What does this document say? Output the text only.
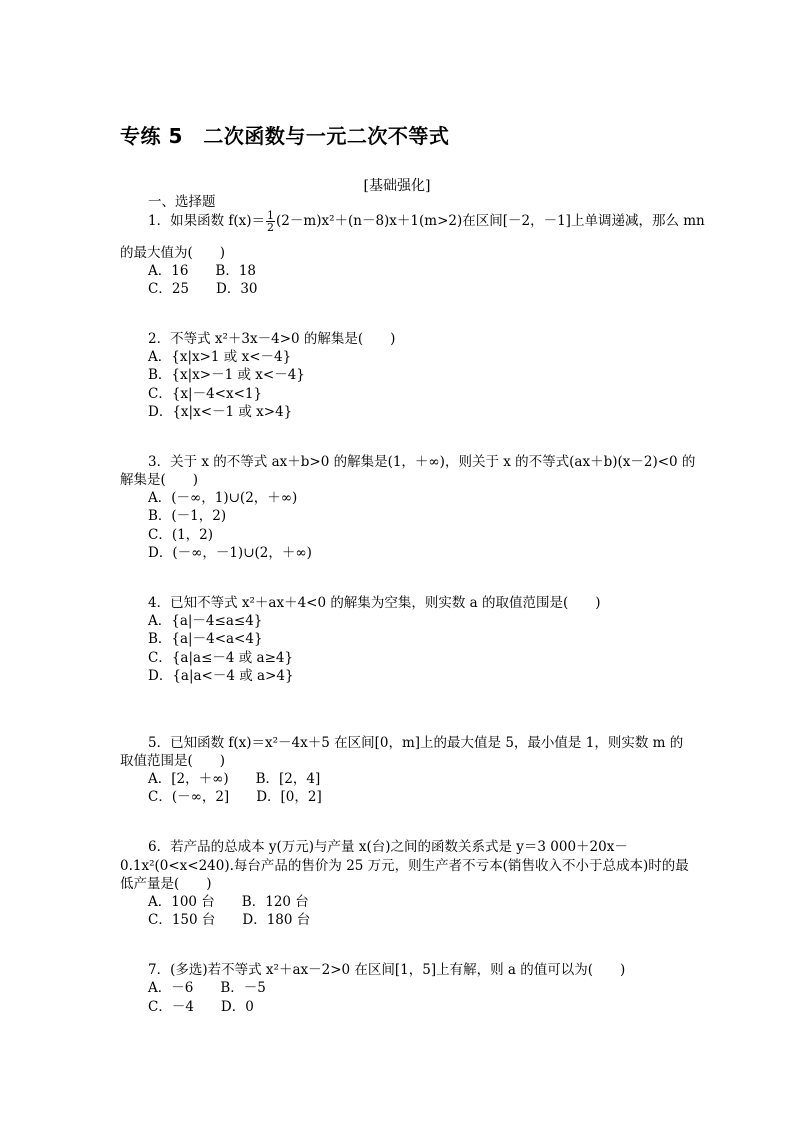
专练 5　二次函数与一元二次不等式
[基础强化]
一、选择题
1．如果函数 $f(x)= \frac{1}{2} (2-m)x^2+(n-8)x+1(m>2)$在区间[－2，－1]上单调递减，那么 mn
的最大值为(　　)
A．16　　B．18
C．25　　D．30
2．不等式 x²＋3x－4>0 的解集是(　　)
A．{x|x>1 或 x<－4}
B．{x|x>－1 或 x<－4}
C．{x|－4<x<1}
D．{x|x<－1 或 x>4}
3．关于 x 的不等式 ax＋b>0 的解集是(1，＋∞)，则关于 x 的不等式(ax＋b)(x－2)<0 的
解集是(　　)
A．(－∞，1)∪(2，＋∞)
B．(－1，2)
C．(1，2)
D．(－∞，－1)∪(2，＋∞)
4．已知不等式 x²＋ax＋4<0 的解集为空集，则实数 a 的取值范围是(　　)
A．{a|－4≤a≤4}
B．{a|－4<a<4}
C．{a|a≤－4 或 a≥4}
D．{a|a<－4 或 a>4}
5．已知函数 f(x)＝x²－4x＋5 在区间[0，m]上的最大值是 5，最小值是 1，则实数 m 的
取值范围是(　　)
A．[2，＋∞)　　B．[2，4]
C．(－∞，2]　　D．[0，2]
6．若产品的总成本 y(万元)与产量 x(台)之间的函数关系式是 y＝3 000＋20x－
0.1x²(0<x<240).每台产品的售价为 25 万元，则生产者不亏本(销售收入不小于总成本)时的最
低产量是(　　)
A．100 台　　B．120 台
C．150 台　　D．180 台
7．(多选)若不等式 x²＋ax－2>0 在区间[1，5]上有解，则 a 的值可以为(　　)
A．－6　　B．－5
C．－4　　D．0
